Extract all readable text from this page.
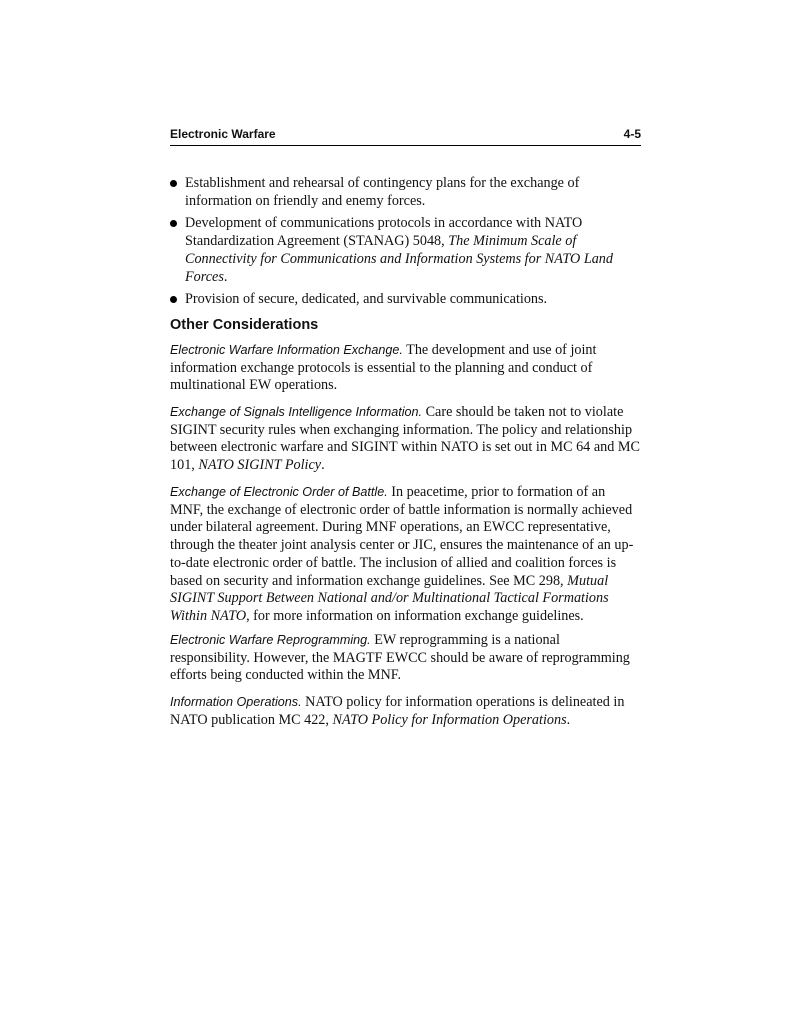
Electronic Warfare	4-5
Establishment and rehearsal of contingency plans for the exchange of information on friendly and enemy forces.
Development of communications protocols in accordance with NATO Standardization Agreement (STANAG) 5048, The Minimum Scale of Connectivity for Communications and Information Systems for NATO Land Forces.
Provision of secure, dedicated, and survivable communications.
Other Considerations

Electronic Warfare Information Exchange. The development and use of joint information exchange protocols is essential to the planning and conduct of multinational EW operations.

Exchange of Signals Intelligence Information. Care should be taken not to violate SIGINT security rules when exchanging information. The policy and relationship between electronic warfare and SIGINT within NATO is set out in MC 64 and MC 101, NATO SIGINT Policy.

Exchange of Electronic Order of Battle. In peacetime, prior to formation of an MNF, the exchange of electronic order of battle information is normally achieved under bilateral agreement. During MNF operations, an EWCC representative, through the theater joint analysis center or JIC, ensures the maintenance of an up-to-date electronic order of battle. The inclusion of allied and coalition forces is based on security and information exchange guidelines. See MC 298, Mutual SIGINT Support Between National and/or Multinational Tactical Formations Within NATO, for more information on information exchange guidelines.

Electronic Warfare Reprogramming. EW reprogramming is a national responsibility. However, the MAGTF EWCC should be aware of reprogramming efforts being conducted within the MNF.

Information Operations. NATO policy for information operations is delineated in NATO publication MC 422, NATO Policy for Information Operations.
